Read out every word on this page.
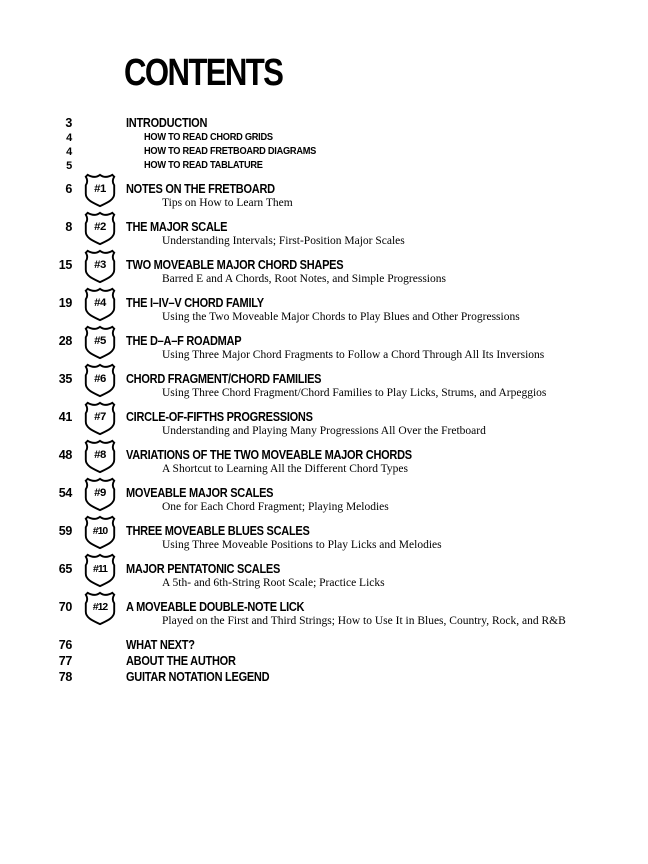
CONTENTS
3	INTRODUCTION
4	HOW TO READ CHORD GRIDS
4	HOW TO READ FRETBOARD DIAGRAMS
5	HOW TO READ TABLATURE
6 #1 NOTES ON THE FRETBOARD
Tips on How to Learn Them
8 #2 THE MAJOR SCALE
Understanding Intervals; First-Position Major Scales
15 #3 TWO MOVEABLE MAJOR CHORD SHAPES
Barred E and A Chords, Root Notes, and Simple Progressions
19 #4 THE I–IV–V CHORD FAMILY
Using the Two Moveable Major Chords to Play Blues and Other Progressions
28 #5 THE D–A–F ROADMAP
Using Three Major Chord Fragments to Follow a Chord Through All Its Inversions
35 #6 CHORD FRAGMENT/CHORD FAMILIES
Using Three Chord Fragment/Chord Families to Play Licks, Strums, and Arpeggios
41 #7 CIRCLE-OF-FIFTHS PROGRESSIONS
Understanding and Playing Many Progressions All Over the Fretboard
48 #8 VARIATIONS OF THE TWO MOVEABLE MAJOR CHORDS
A Shortcut to Learning All the Different Chord Types
54 #9 MOVEABLE MAJOR SCALES
One for Each Chord Fragment; Playing Melodies
59 #10 THREE MOVEABLE BLUES SCALES
Using Three Moveable Positions to Play Licks and Melodies
65 #11 MAJOR PENTATONIC SCALES
A 5th- and 6th-String Root Scale; Practice Licks
70 #12 A MOVEABLE DOUBLE-NOTE LICK
Played on the First and Third Strings; How to Use It in Blues, Country, Rock, and R&B
76	WHAT NEXT?
77	ABOUT THE AUTHOR
78	GUITAR NOTATION LEGEND
